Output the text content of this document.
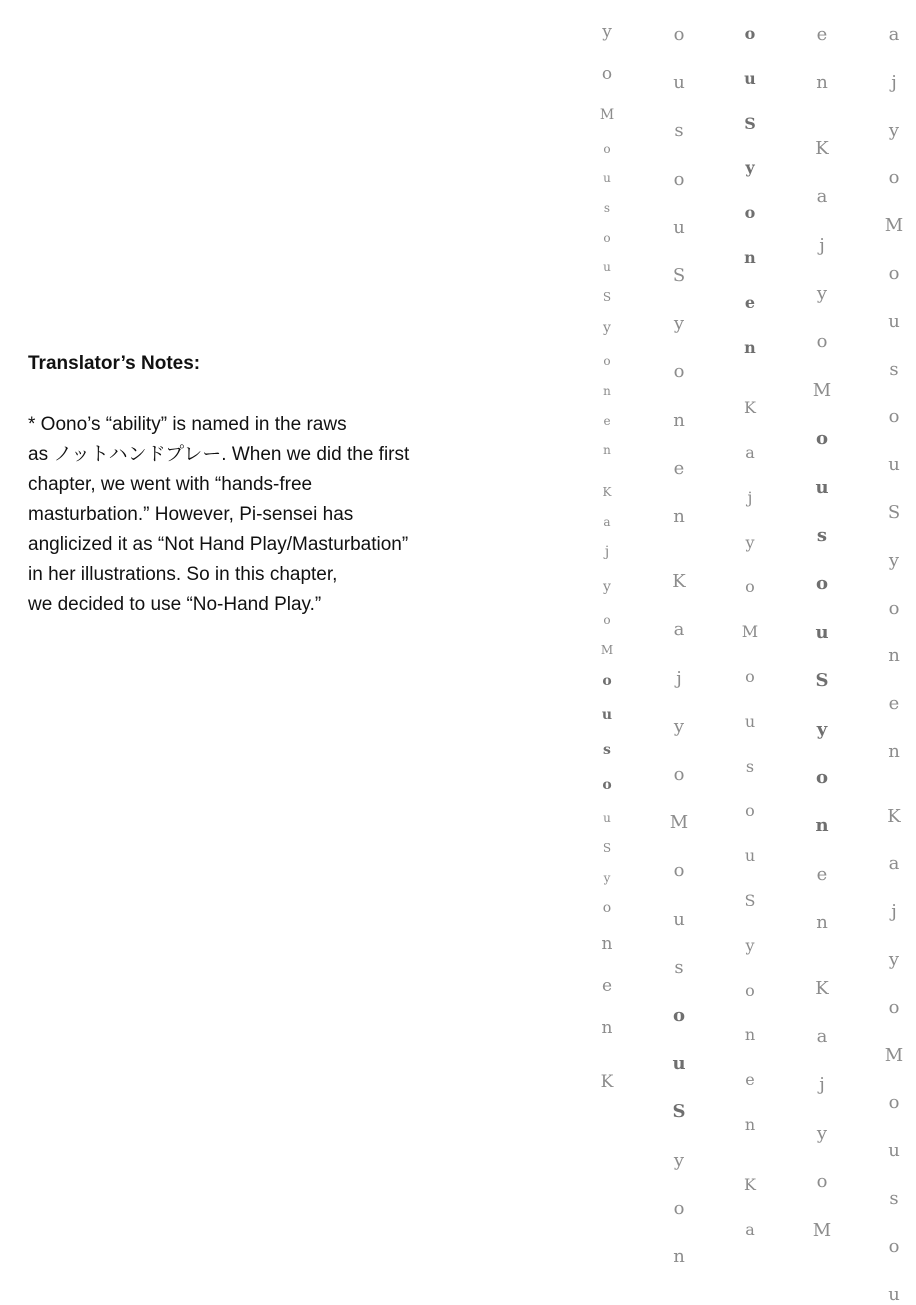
Translator’s Notes:

* Oono’s “ability” is named in the raws

as ノットハンドプレー. When we did the first

chapter, we went with “hands-free

masturbation.” However, Pi-sensei has

anglicized it as “Not Hand Play/Masturbation”

in her illustrations. So in this chapter,

we decided to use “No-Hand Play.”

y
o
M
o
u
s
o
u
S
y
o
n
e
n
K
a
j
y
o
M
o
u
s
o
u
S
y
o
n
e
n
K
o
u
s
o
u
S
y
o
n
e
n
K
a
j
y
o
M
o
u
s
o
u
S
y
o
n
o
u
S
y
o
n
e
n
K
a
j
y
o
M
o
u
s
o
u
S
y
o
n
e
n
K
a
e
n
K
a
j
y
o
M
o
u
s
o
u
S
y
o
n
e
n
K
a
j
y
o
M
a
j
y
o
M
o
u
s
o
u
S
y
o
n
e
n
K
a
j
y
o
M
o
u
s
o
u
